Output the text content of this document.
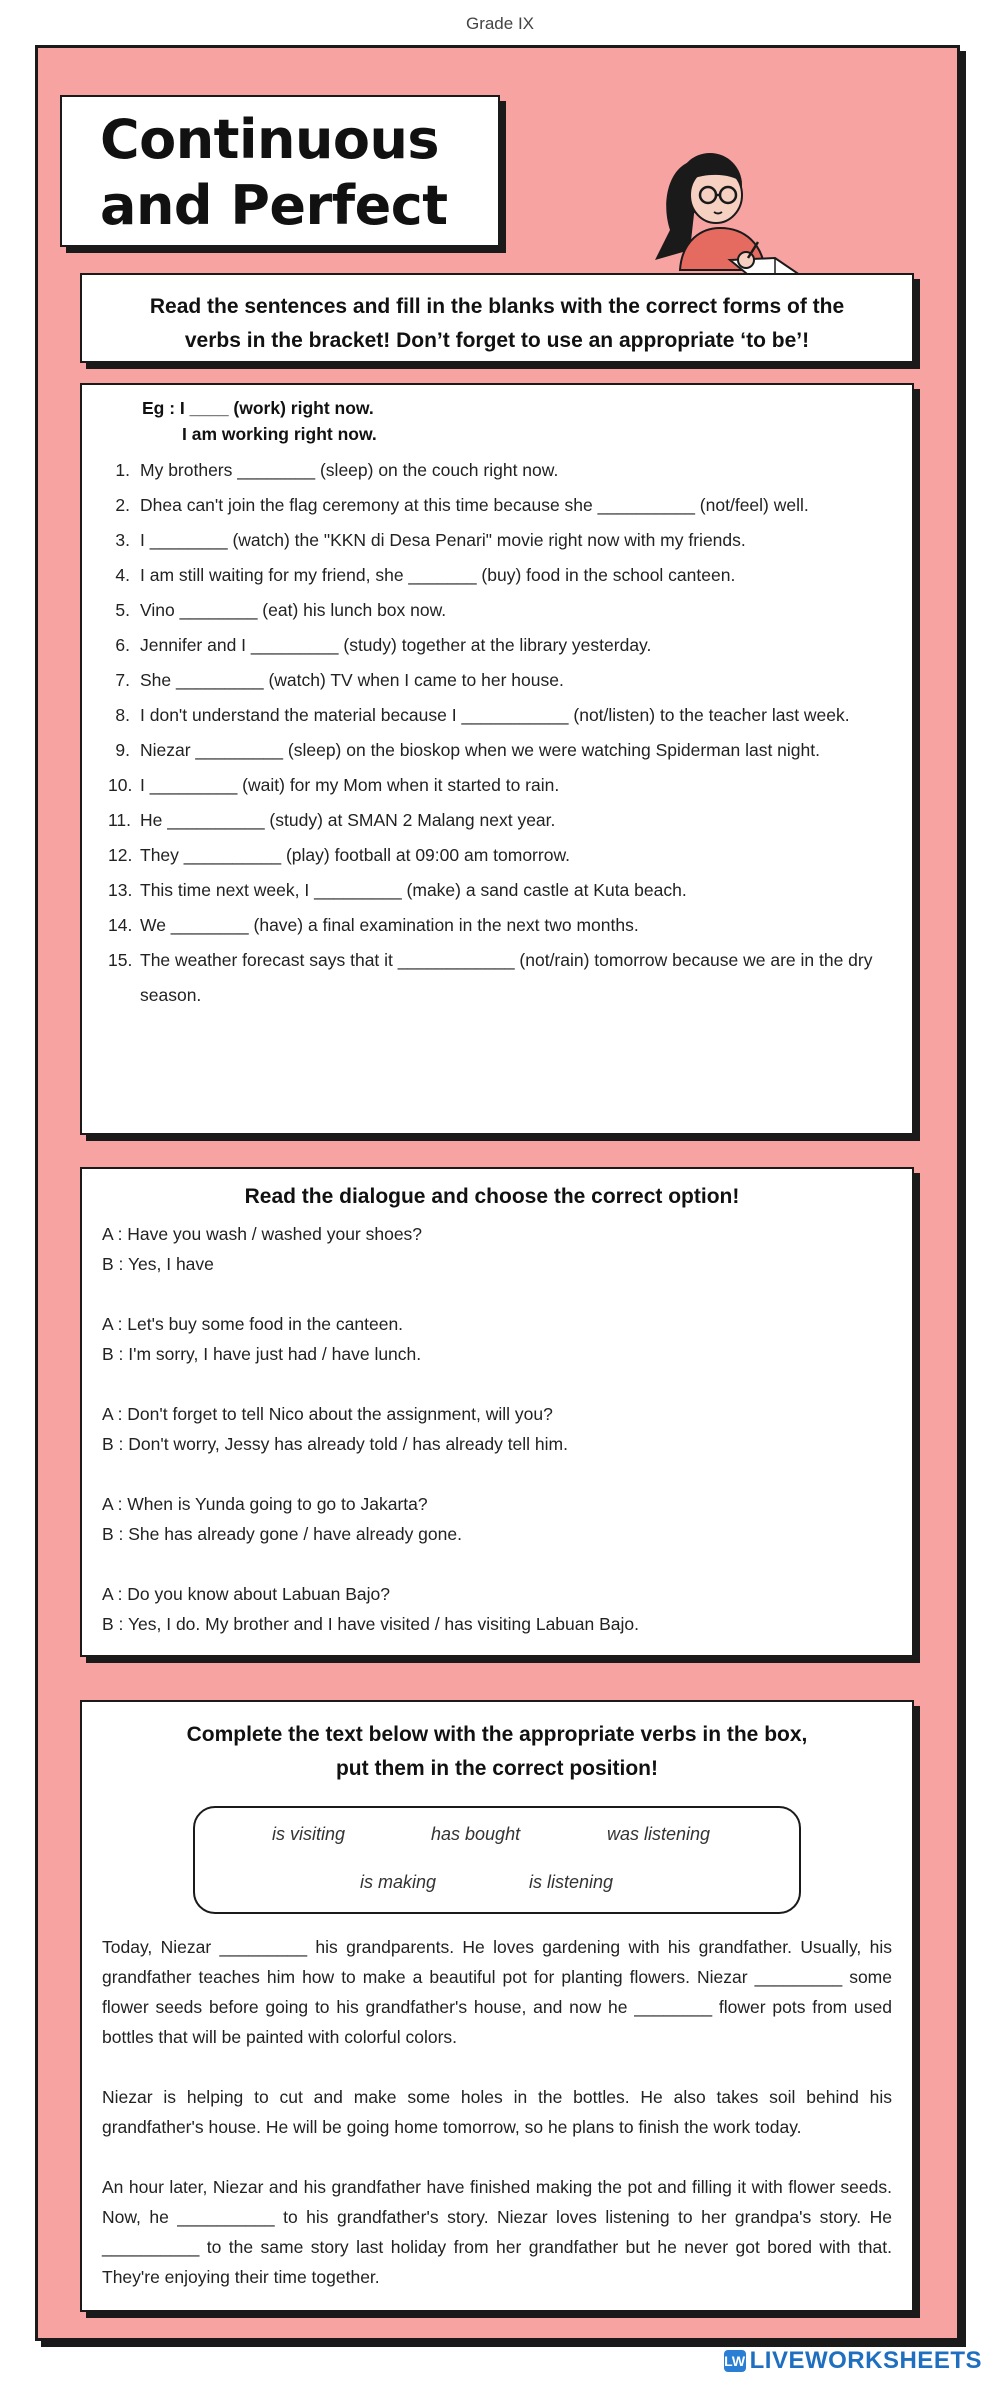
Grade IX
Continuous
and Perfect
Read the sentences and fill in the blanks with the correct forms of the verbs in the bracket! Don’t forget to use an appropriate ‘to be’!
Eg : I ____ (work) right now.
I am working right now.
1. My brothers ________ (sleep) on the couch right now.
2. Dhea can't join the flag ceremony at this time because she __________ (not/feel) well.
3. I ________ (watch) the "KKN di Desa Penari" movie right now with my friends.
4. I am still waiting for my friend, she _______ (buy) food in the school canteen.
5. Vino ________ (eat) his lunch box now.
6. Jennifer and I _________ (study) together at the library yesterday.
7. She _________ (watch) TV when I came to her house.
8. I don't understand the material because I ___________ (not/listen) to the teacher last week.
9. Niezar _________ (sleep) on the bioskop when we were watching Spiderman last night.
10. I _________ (wait) for my Mom when it started to rain.
11. He __________ (study) at SMAN 2 Malang next year.
12. They __________ (play) football at 09:00 am tomorrow.
13. This time next week, I _________ (make) a sand castle at Kuta beach.
14. We ________ (have) a final examination in the next two months.
15. The weather forecast says that it ____________ (not/rain) tomorrow because we are in the dry season.
Read the dialogue and choose the correct option!
A : Have you wash / washed your shoes?
B : Yes, I have
A : Let's buy some food in the canteen.
B : I'm sorry, I have just had / have lunch.
A : Don't forget to tell Nico about the assignment, will you?
B : Don't worry, Jessy has already told / has already tell him.
A : When is Yunda going to go to Jakarta?
B : She has already gone / have already gone.
A : Do you know about Labuan Bajo?
B : Yes, I do. My brother and I have visited / has visiting Labuan Bajo.
Complete the text below with the appropriate verbs in the box,
put them in the correct position!
is visiting	has bought	was listening
is making	is listening

Today, Niezar _________ his grandparents. He loves gardening with his grandfather. Usually, his grandfather teaches him how to make a beautiful pot for planting flowers. Niezar _________ some flower seeds before going to his grandfather's house, and now he ________ flower pots from used bottles that will be painted with colorful colors.

Niezar is helping to cut and make some holes in the bottles. He also takes soil behind his grandfather's house. He will be going home tomorrow, so he plans to finish the work today.

An hour later, Niezar and his grandfather have finished making the pot and filling it with flower seeds. Now, he __________ to his grandfather's story. Niezar loves listening to her grandpa's story. He __________ to the same story last holiday from her grandfather but he never got bored with that. They're enjoying their time together.

LW LIVEWORKSHEETS
